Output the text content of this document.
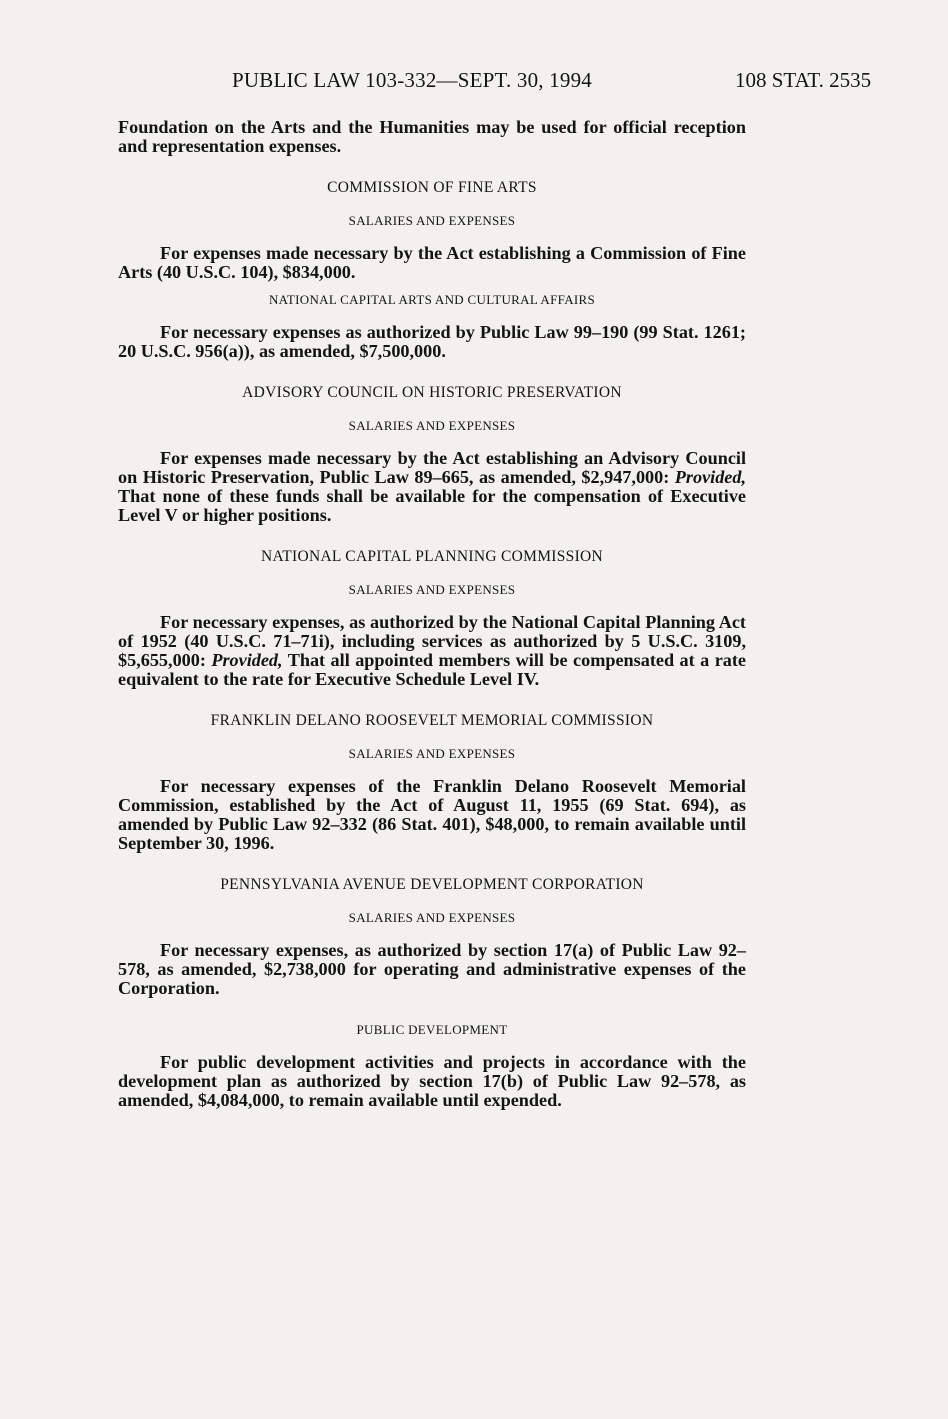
PUBLIC LAW 103-332—SEPT. 30, 1994	108 STAT. 2535

Foundation on the Arts and the Humanities may be used for official reception and representation expenses.

COMMISSION OF FINE ARTS

SALARIES AND EXPENSES

For expenses made necessary by the Act establishing a Commission of Fine Arts (40 U.S.C. 104), $834,000.

NATIONAL CAPITAL ARTS AND CULTURAL AFFAIRS

For necessary expenses as authorized by Public Law 99–190 (99 Stat. 1261; 20 U.S.C. 956(a)), as amended, $7,500,000.

ADVISORY COUNCIL ON HISTORIC PRESERVATION

SALARIES AND EXPENSES

For expenses made necessary by the Act establishing an Advisory Council on Historic Preservation, Public Law 89–665, as amended, $2,947,000: Provided, That none of these funds shall be available for the compensation of Executive Level V or higher positions.

NATIONAL CAPITAL PLANNING COMMISSION

SALARIES AND EXPENSES

For necessary expenses, as authorized by the National Capital Planning Act of 1952 (40 U.S.C. 71–71i), including services as authorized by 5 U.S.C. 3109, $5,655,000: Provided, That all appointed members will be compensated at a rate equivalent to the rate for Executive Schedule Level IV.

FRANKLIN DELANO ROOSEVELT MEMORIAL COMMISSION

SALARIES AND EXPENSES

For necessary expenses of the Franklin Delano Roosevelt Memorial Commission, established by the Act of August 11, 1955 (69 Stat. 694), as amended by Public Law 92–332 (86 Stat. 401), $48,000, to remain available until September 30, 1996.

PENNSYLVANIA AVENUE DEVELOPMENT CORPORATION

SALARIES AND EXPENSES

For necessary expenses, as authorized by section 17(a) of Public Law 92–578, as amended, $2,738,000 for operating and administrative expenses of the Corporation.

PUBLIC DEVELOPMENT

For public development activities and projects in accordance with the development plan as authorized by section 17(b) of Public Law 92–578, as amended, $4,084,000, to remain available until expended.
